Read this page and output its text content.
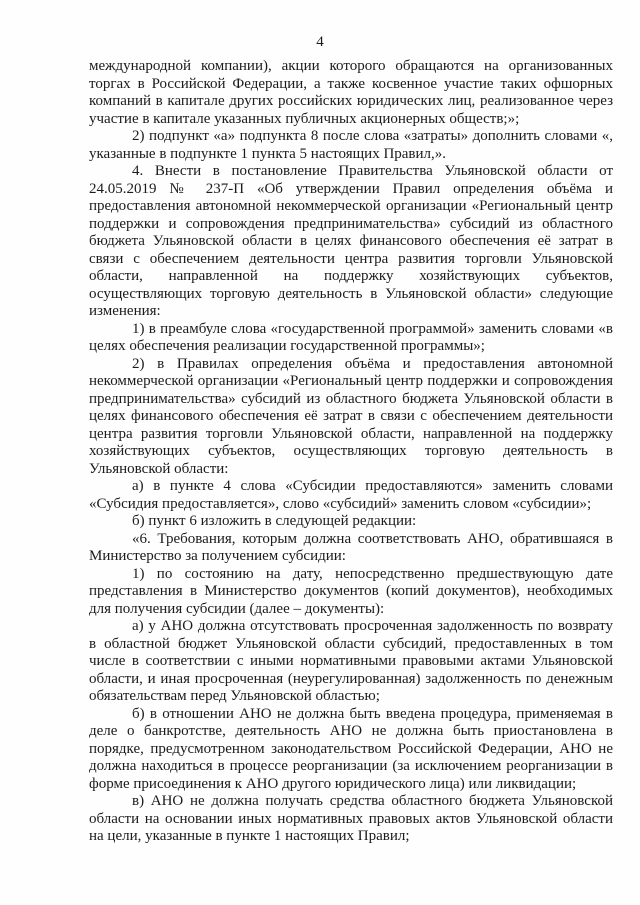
4

международной компании), акции которого обращаются на организованных торгах в Российской Федерации, а также косвенное участие таких офшорных компаний в капитале других российских юридических лиц, реализованное через участие в капитале указанных публичных акционерных обществ;»;

2) подпункт «а» подпункта 8 после слова «затраты» дополнить словами «, указанные в подпункте 1 пункта 5 настоящих Правил,».

4. Внести в постановление Правительства Ульяновской области от 24.05.2019 № 237-П «Об утверждении Правил определения объёма и предоставления автономной некоммерческой организации «Региональный центр поддержки и сопровождения предпринимательства» субсидий из областного бюджета Ульяновской области в целях финансового обеспечения её затрат в связи с обеспечением деятельности центра развития торговли Ульяновской области, направленной на поддержку хозяйствующих субъектов, осуществляющих торговую деятельность в Ульяновской области» следующие изменения:

1) в преамбуле слова «государственной программой» заменить словами «в целях обеспечения реализации государственной программы»;

2) в Правилах определения объёма и предоставления автономной некоммерческой организации «Региональный центр поддержки и сопровождения предпринимательства» субсидий из областного бюджета Ульяновской области в целях финансового обеспечения её затрат в связи с обеспечением деятельности центра развития торговли Ульяновской области, направленной на поддержку хозяйствующих субъектов, осуществляющих торговую деятельность в Ульяновской области:

а) в пункте 4 слова «Субсидии предоставляются» заменить словами «Субсидия предоставляется», слово «субсидий» заменить словом «субсидии»;

б) пункт 6 изложить в следующей редакции:

«6. Требования, которым должна соответствовать АНО, обратившаяся в Министерство за получением субсидии:

1) по состоянию на дату, непосредственно предшествующую дате представления в Министерство документов (копий документов), необходимых для получения субсидии (далее – документы):

а) у АНО должна отсутствовать просроченная задолженность по возврату в областной бюджет Ульяновской области субсидий, предоставленных в том числе в соответствии с иными нормативными правовыми актами Ульяновской области, и иная просроченная (неурегулированная) задолженность по денежным обязательствам перед Ульяновской областью;

б) в отношении АНО не должна быть введена процедура, применяемая в деле о банкротстве, деятельность АНО не должна быть приостановлена в порядке, предусмотренном законодательством Российской Федерации, АНО не должна находиться в процессе реорганизации (за исключением реорганизации в форме присоединения к АНО другого юридического лица) или ликвидации;

в) АНО не должна получать средства областного бюджета Ульяновской области на основании иных нормативных правовых актов Ульяновской области на цели, указанные в пункте 1 настоящих Правил;
